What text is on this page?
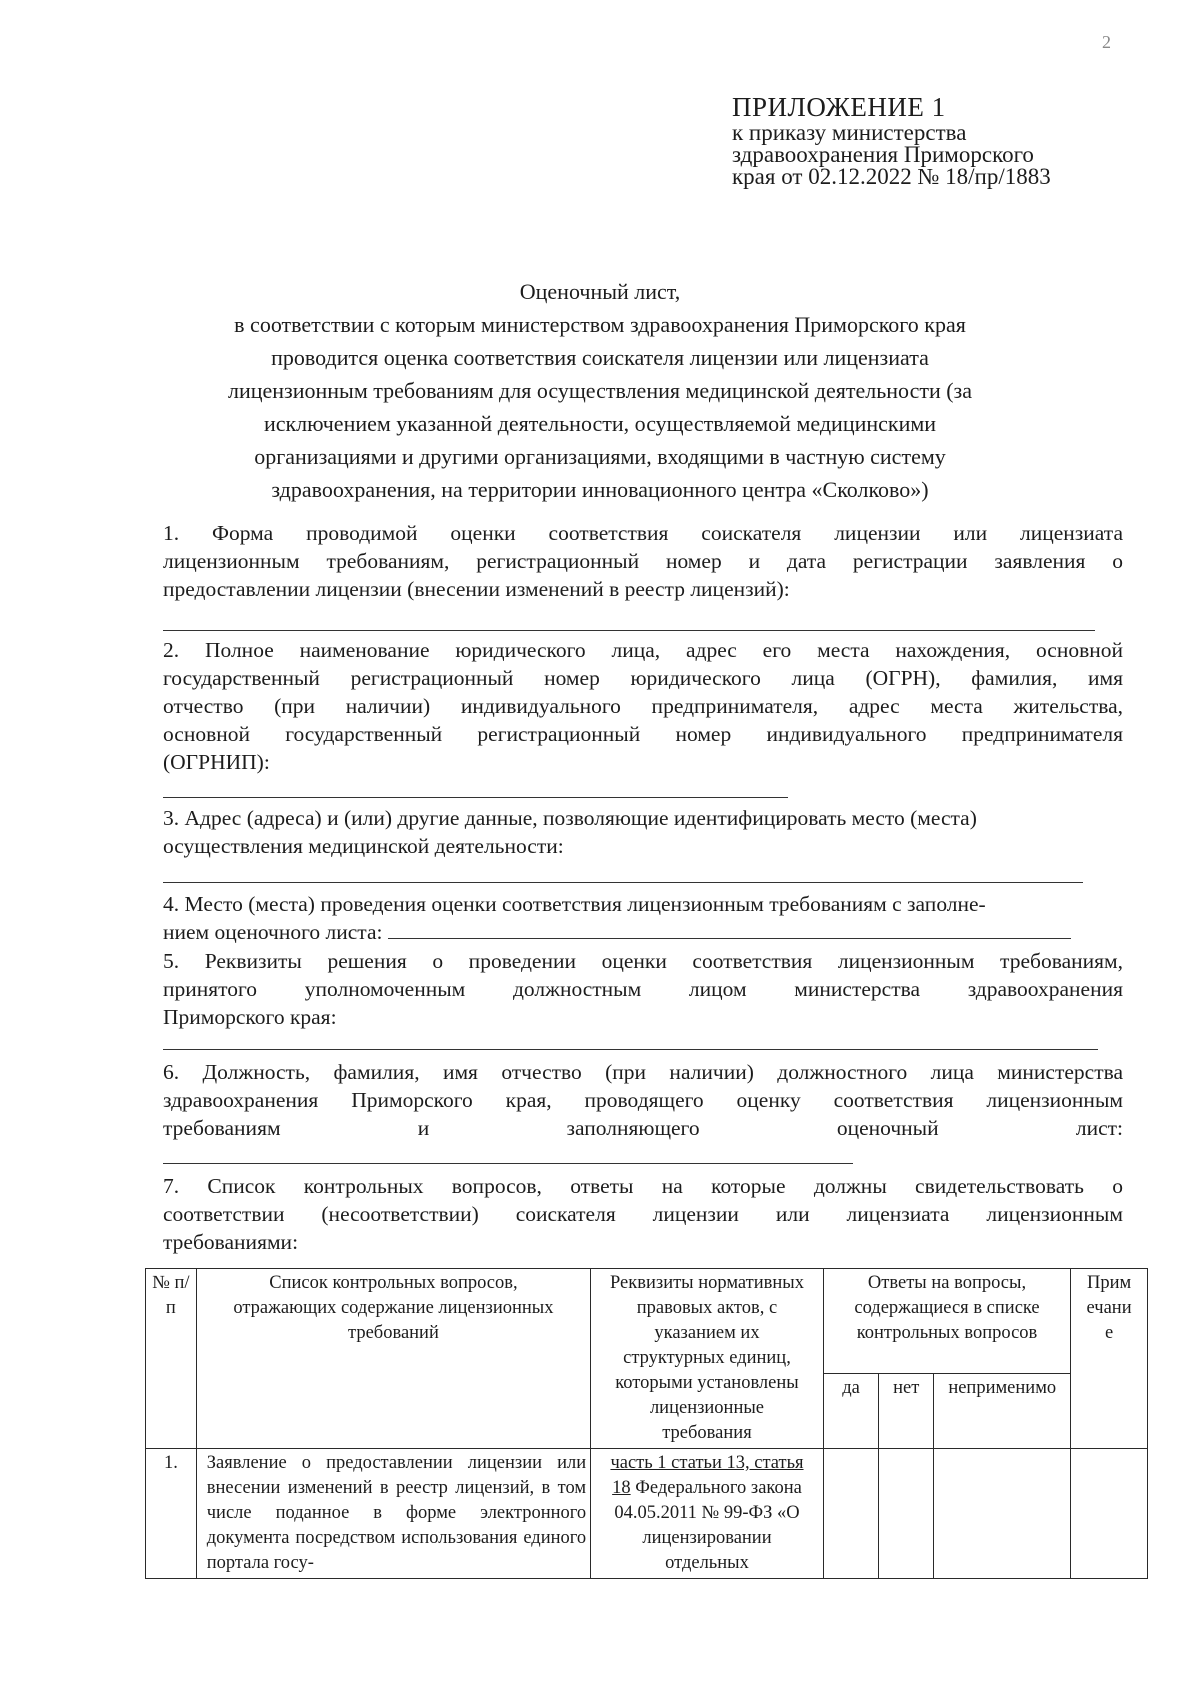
2
ПРИЛОЖЕНИЕ 1
к приказу министерства
здравоохранения Приморского
края от 02.12.2022 № 18/пр/1883
Оценочный лист,
в соответствии с которым министерством здравоохранения Приморского края
проводится оценка соответствия соискателя лицензии или лицензиата
лицензионным требованиям для осуществления медицинской деятельности (за
исключением указанной деятельности, осуществляемой медицинскими
организациями и другими организациями, входящими в частную систему
здравоохранения, на территории инновационного центра «Сколково»)
1. Форма проводимой оценки соответствия соискателя лицензии или лицензиата
лицензионным требованиям, регистрационный номер и дата регистрации заявления о
предоставлении лицензии (внесении изменений в реестр лицензий):
2. Полное наименование юридического лица, адрес его места нахождения, основной
государственный регистрационный номер юридического лица (ОГРН), фамилия, имя
отчество (при наличии) индивидуального предпринимателя, адрес места жительства,
основной государственный регистрационный номер индивидуального предпринимателя
(ОГРНИП):
3. Адрес (адреса) и (или) другие данные, позволяющие идентифицировать место (места)
осуществления медицинской деятельности:
4. Место (места) проведения оценки соответствия лицензионным требованиям с заполне-
нием оценочного листа:
5. Реквизиты решения о проведении оценки соответствия лицензионным требованиям,
принятого уполномоченным должностным лицом министерства здравоохранения
Приморского края:
6. Должность, фамилия, имя отчество (при наличии) должностного лица министерства
здравоохранения Приморского края, проводящего оценку соответствия лицензионным
требованиям и заполняющего оценочный лист:
7. Список контрольных вопросов, ответы на которые должны свидетельствовать о
соответствии (несоответствии) соискателя лицензии или лицензиата лицензионным
требованиями:
№ п/п	Список контрольных вопросов, отражающих содержание лицензионных требований	Реквизиты нормативных правовых актов, с указанием их структурных единиц, которыми установлены лицензионные требования	Ответы на вопросы, содержащиеся в списке контрольных вопросов			Примечание
			да	нет	неприменимо	
1.	Заявление о предоставлении лицензии или внесении изменений в реестр лицензий, в том числе поданное в форме электронного документа посредством использования единого портала госу-	часть 1 статьи 13, статья 18 Федерального закона 04.05.2011 № 99-ФЗ «О лицензировании отдельных				
